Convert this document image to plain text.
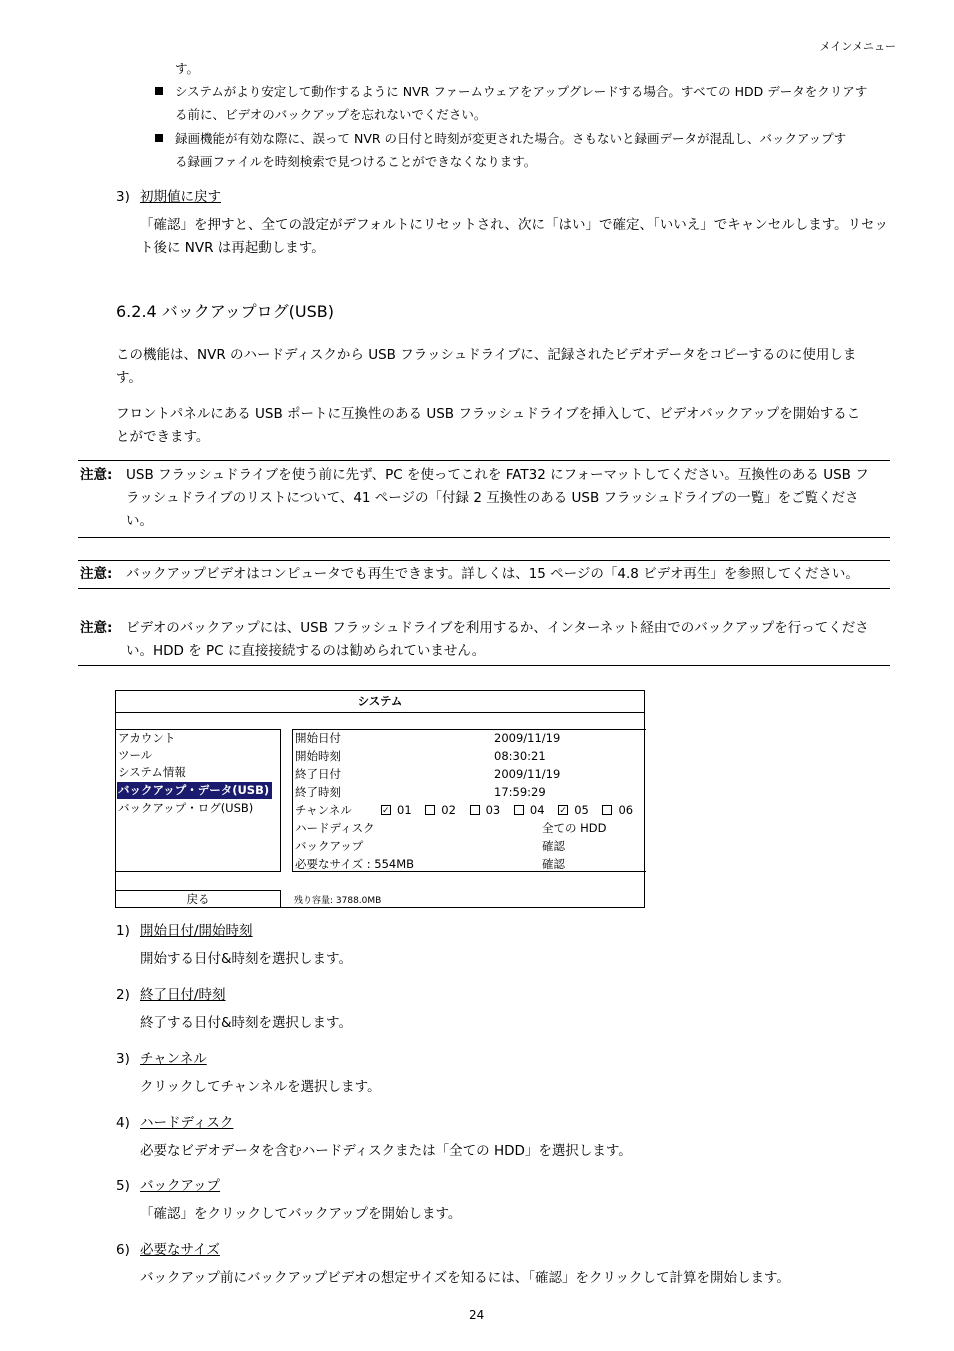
メインメニュー
す。
システムがより安定して動作するように NVR ファームウェアをアップグレードする場合。すべての HDD データをクリアす
る前に、ビデオのバックアップを忘れないでください。
録画機能が有効な際に、誤って NVR の日付と時刻が変更された場合。さもないと録画データが混乱し、バックアップす
る録画ファイルを時刻検索で見つけることができなくなります。
3) 初期値に戻す
「確認」を押すと、全ての設定がデフォルトにリセットされ、次に「はい」で確定、「いいえ」でキャンセルします。リセッ
ト後に NVR は再起動します。
6.2.4 バックアップログ(USB)
この機能は、NVR のハードディスクから USB フラッシュドライブに、記録されたビデオデータをコピーするのに使用しま
す。
フロントパネルにある USB ポートに互換性のある USB フラッシュドライブを挿入して、ビデオバックアップを開始するこ
とができます。
注意: USB フラッシュドライブを使う前に先ず、PC を使ってこれを FAT32 にフォーマットしてください。互換性のある USB フ
ラッシュドライブのリストについて、41 ページの「付録 2 互換性のある USB フラッシュドライブの一覧」をご覧くださ
い。
注意: バックアップビデオはコンピュータでも再生できます。詳しくは、15 ページの「4.8 ビデオ再生」を参照してください。
注意: ビデオのバックアップには、USB フラッシュドライブを利用するか、インターネット経由でのバックアップを行ってくださ
い。HDD を PC に直接接続するのは勧められていません。
システム
アカウント
ツール
システム情報
バックアップ・データ(USB)
バックアップ・ログ(USB)
開始日付	2009/11/19
開始時刻	08:30:21
終了日付	2009/11/19
終了時刻	17:59:29
チャンネル ✓	01	02	03	04 ✓	05	06
ハードディスク	全ての HDD
バックアップ	確認
必要なサイズ : 554MB	確認
戻る	残り容量: 3788.0MB
1) 開始日付/開始時刻
開始する日付&時刻を選択します。
2) 終了日付/時刻
終了する日付&時刻を選択します。
3) チャンネル
クリックしてチャンネルを選択します。
4) ハードディスク
必要なビデオデータを含むハードディスクまたは「全ての HDD」を選択します。
5) バックアップ
「確認」をクリックしてバックアップを開始します。
6) 必要なサイズ
バックアップ前にバックアップビデオの想定サイズを知るには、「確認」をクリックして計算を開始します。
24
